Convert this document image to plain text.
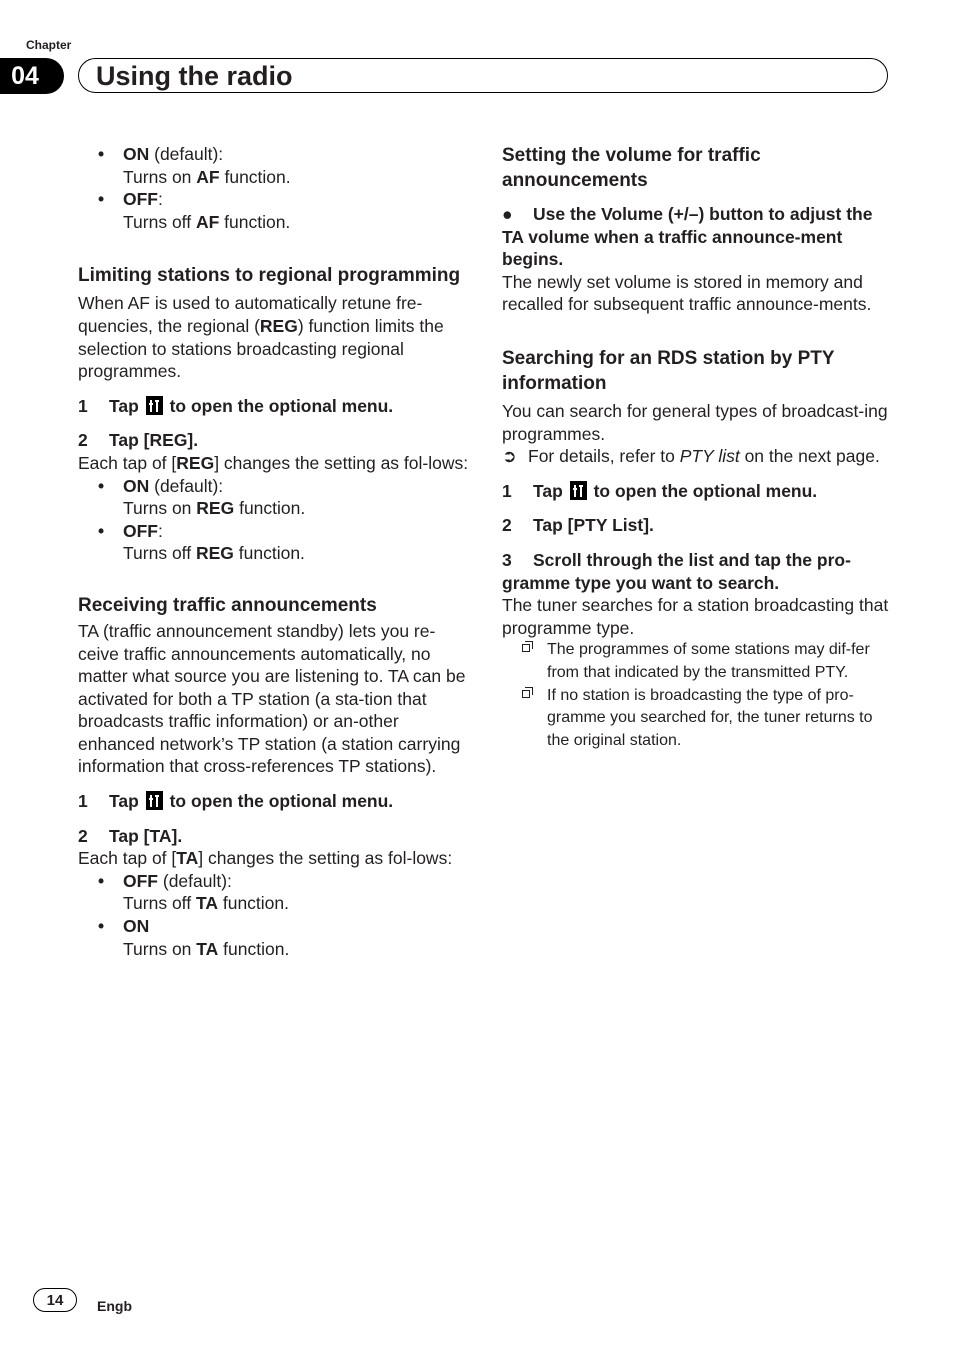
Chapter
04	Using the radio
• ON (default):
Turns on AF function.
• OFF:
Turns off AF function.

Limiting stations to regional programming

When AF is used to automatically retune fre-quencies, the regional (REG) function limits the selection to stations broadcasting regional programmes.

1 Tap to open the optional menu.

2 Tap [REG].

Each tap of [REG] changes the setting as fol-lows:

• ON (default):
Turns on REG function.
• OFF:
Turns off REG function.

Receiving traffic announcements

TA (traffic announcement standby) lets you re-ceive traffic announcements automatically, no matter what source you are listening to. TA can be activated for both a TP station (a sta-tion that broadcasts traffic information) or an-other enhanced network’s TP station (a station carrying information that cross-references TP stations).

1 Tap to open the optional menu.

2 Tap [TA].

Each tap of [TA] changes the setting as fol-lows:

• OFF (default):
Turns off TA function.
• ON
Turns on TA function.

Setting the volume for traffic announcements

● Use the Volume (+/–) button to adjust the TA volume when a traffic announce-ment begins.

The newly set volume is stored in memory and recalled for subsequent traffic announce-ments.

Searching for an RDS station by PTY information

You can search for general types of broadcast-ing programmes.

➲ For details, refer to PTY list on the next page.

1 Tap to open the optional menu.

2 Tap [PTY List].

3 Scroll through the list and tap the pro-gramme type you want to search.

The tuner searches for a station broadcasting that programme type.

The programmes of some stations may dif-fer from that indicated by the transmitted PTY.
If no station is broadcasting the type of pro-gramme you searched for, the tuner returns to the original station.
14	Engb
